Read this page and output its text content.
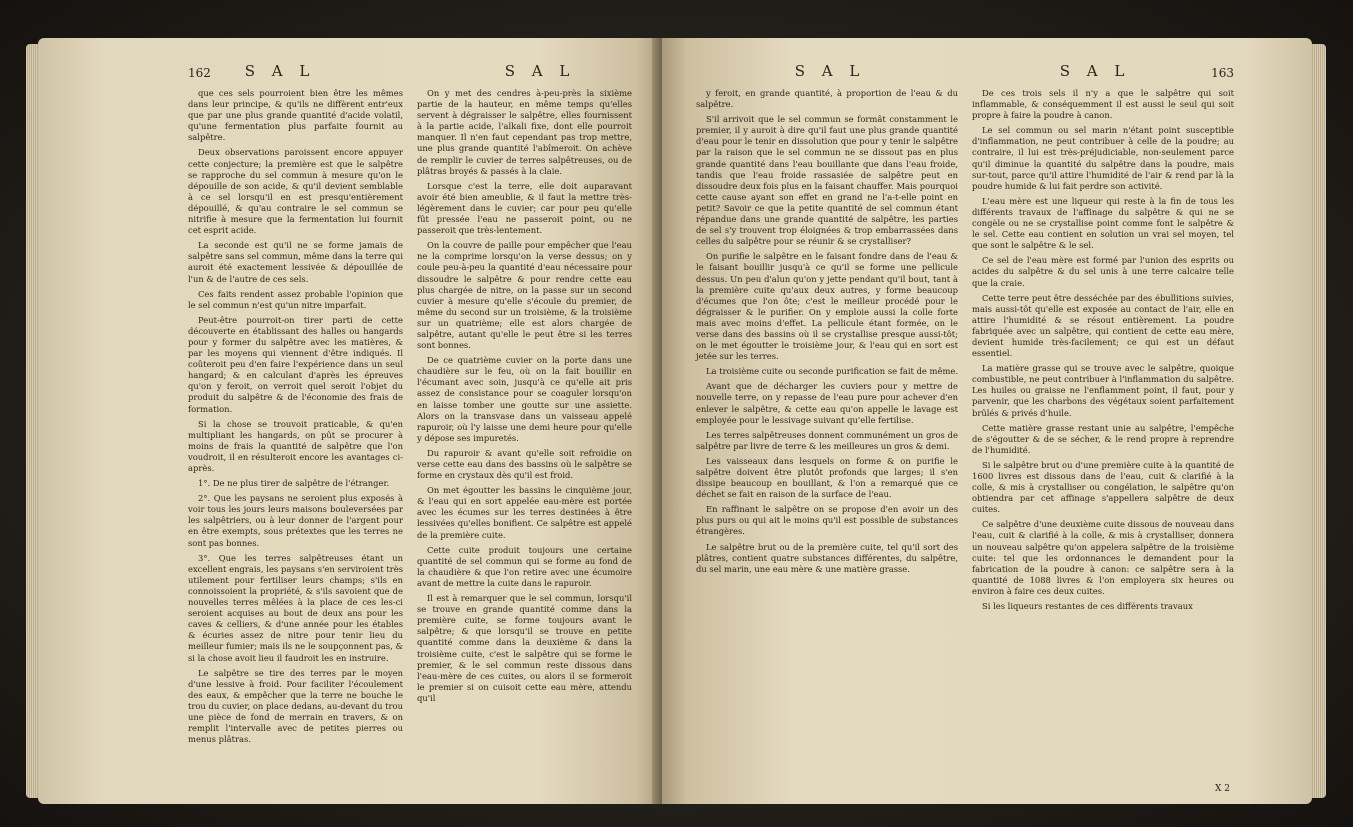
162	S A L	S A L

que ces sels pourroient bien être les mêmes dans leur principe, & qu'ils ne diffèrent entr'eux que par une plus grande quantité d'acide volatil, qu'une fermentation plus parfaite fournit au salpêtre.

Deux observations paroissent encore appuyer cette conjecture; la première est que le salpêtre se rapproche du sel commun à mesure qu'on le dépouille de son acide, & qu'il devient semblable à ce sel lorsqu'il en est presqu'entièrement dépouillé, & qu'au contraire le sel commun se nitrifie à mesure que la fermentation lui fournit cet esprit acide.

La seconde est qu'il ne se forme jamais de salpêtre sans sel commun, même dans la terre qui auroit été exactement lessivée & dépouillée de l'un & de l'autre de ces sels.

Ces faits rendent assez probable l'opinion que le sel commun n'est qu'un nitre imparfait.

Peut-être pourroit-on tirer parti de cette découverte en établissant des halles ou hangards pour y former du salpêtre avec les matières, & par les moyens qui viennent d'être indiqués. Il coûteroit peu d'en faire l'expérience dans un seul hangard; & en calculant d'après les épreuves qu'on y feroit, on verroit quel seroit l'objet du produit du salpêtre & de l'économie des frais de formation.

Si la chose se trouvoit praticable, & qu'en multipliant les hangards, on pût se procurer à moins de frais la quantité de salpêtre que l'on voudroit, il en résulteroit encore les avantages ci-après.

1°. De ne plus tirer de salpêtre de l'étranger.

2°. Que les paysans ne seroient plus exposés à voir tous les jours leurs maisons bouleversées par les salpêtriers, ou à leur donner de l'argent pour en être exempts, sous prétextes que les terres ne sont pas bonnes.

3°. Que les terres salpêtreuses étant un excellent engrais, les paysans s'en serviroient très utilement pour fertiliser leurs champs; s'ils en connoissoient la propriété, & s'ils savoient que de nouvelles terres mêlées à la place de ces les-ci seroient acquises au bout de deux ans pour les caves & celliers, & d'une année pour les étables & écuries assez de nitre pour tenir lieu du meilleur fumier; mais ils ne le soupçonnent pas, & si la chose avoit lieu il faudroit les en instruire.

Le salpêtre se tire des terres par le moyen d'une lessive à froid. Pour faciliter l'écoulement des eaux, & empêcher que la terre ne bouche le trou du cuvier, on place dedans, au-devant du trou une pièce de fond de merrain en travers, & on remplit l'intervalle avec de petites pierres ou menus plâtras.

On y met des cendres à-peu-près la sixième partie de la hauteur, en même temps qu'elles servent à dégraisser le salpêtre, elles fournissent à la partie acide, l'alkali fixe, dont elle pourroit manquer. Il n'en faut cependant pas trop mettre, une plus grande quantité l'abîmeroit. On achève de remplir le cuvier de terres salpêtreuses, ou de plâtras broyés & passés à la claie.

Lorsque c'est la terre, elle doit auparavant avoir été bien ameublie, & il faut la mettre très-légèrement dans le cuvier; car pour peu qu'elle fût pressée l'eau ne passeroit point, ou ne passeroit que très-lentement.

On la couvre de paille pour empêcher que l'eau ne la comprime lorsqu'on la verse dessus; on y coule peu-à-peu la quantité d'eau nécessaire pour dissoudre le salpêtre & pour rendre cette eau plus chargée de nitre, on la passe sur un second cuvier à mesure qu'elle s'écoule du premier, de même du second sur un troisième, & la troisième sur un quatrième; elle est alors chargée de salpêtre, autant qu'elle le peut être si les terres sont bonnes.

De ce quatrième cuvier on la porte dans une chaudière sur le feu, où on la fait bouillir en l'écumant avec soin, jusqu'à ce qu'elle ait pris assez de consistance pour se coaguler lorsqu'on en laisse tomber une goutte sur une assiette. Alors on la transvase dans un vaisseau appelé rapuroir, où l'y laisse une demi heure pour qu'elle y dépose ses impuretés.

Du rapuroir & avant qu'elle soit refroidie on verse cette eau dans des bassins où le salpêtre se forme en crystaux dès qu'il est froid.

On met égoutter les bassins le cinquième jour, & l'eau qui en sort appelée eau-mère est portée avec les écumes sur les terres destinées à être lessivées qu'elles bonifient. Ce salpêtre est appelé de la première cuite.

Cette cuite produit toujours une certaine quantité de sel commun qui se forme au fond de la chaudière & que l'on retire avec une écumoire avant de mettre la cuite dans le rapuroir.

Il est à remarquer que le sel commun, lorsqu'il se trouve en grande quantité comme dans la première cuite, se forme toujours avant le salpêtre; & que lorsqu'il se trouve en petite quantité comme dans la deuxième & dans la troisième cuite, c'est le salpêtre qui se forme le premier, & le sel commun reste dissous dans l'eau-mère de ces cuites, ou alors il se formeroit le premier si on cuisoit cette eau mère, attendu qu'il

S A L	S A L	163

y feroit, en grande quantité, à proportion de l'eau & du salpêtre.

S'il arrivoit que le sel commun se formât constamment le premier, il y auroit à dire qu'il faut une plus grande quantité d'eau pour le tenir en dissolution que pour y tenir le salpêtre par la raison que le sel commun ne se dissout pas en plus grande quantité dans l'eau bouillante que dans l'eau froide, tandis que l'eau froide rassasiée de salpêtre peut en dissoudre deux fois plus en la faisant chauffer. Mais pourquoi cette cause ayant son effet en grand ne l'a-t-elle point en petit? Savoir ce que la petite quantité de sel commun étant répandue dans une grande quantité de salpêtre, les parties de sel s'y trouvent trop éloignées & trop embarrassées dans celles du salpêtre pour se réunir & se crystalliser?

On purifie le salpêtre en le faisant fondre dans de l'eau & le faisant bouillir jusqu'à ce qu'il se forme une pellicule dessus. Un peu d'alun qu'on y jette pendant qu'il bout, tant à la première cuite qu'aux deux autres, y forme beaucoup d'écumes que l'on ôte; c'est le meilleur procédé pour le dégraisser & le purifier. On y emploie aussi la colle forte mais avec moins d'effet. La pellicule étant formée, on le verse dans des bassins où il se crystallise presque aussi-tôt; on le met égoutter le troisième jour, & l'eau qui en sort est jetée sur les terres.

La troisième cuite ou seconde purification se fait de même.

Avant que de décharger les cuviers pour y mettre de nouvelle terre, on y repasse de l'eau pure pour achever d'en enlever le salpêtre, & cette eau qu'on appelle le lavage est employée pour le lessivage suivant qu'elle fertilise.

Les terres salpêtreuses donnent communément un gros de salpêtre par livre de terre & les meilleures un gros & demi.

Les vaisseaux dans lesquels on forme & on purifie le salpêtre doivent être plutôt profonds que larges; il s'en dissipe beaucoup en bouillant, & l'on a remarqué que ce déchet se fait en raison de la surface de l'eau.

En raffinant le salpêtre on se propose d'en avoir un des plus purs ou qui ait le moins qu'il est possible de substances étrangères.

Le salpêtre brut ou de la première cuite, tel qu'il sort des plâtres, contient quatre substances différentes, du salpêtre, du sel marin, une eau mère & une matière grasse.

De ces trois sels il n'y a que le salpêtre qui soit inflammable, & conséquemment il est aussi le seul qui soit propre à faire la poudre à canon.

Le sel commun ou sel marin n'étant point susceptible d'inflammation, ne peut contribuer à celle de la poudre; au contraire, il lui est très-préjudiciable, non-seulement parce qu'il diminue la quantité du salpêtre dans la poudre, mais sur-tout, parce qu'il attire l'humidité de l'air & rend par là la poudre humide & lui fait perdre son activité.

L'eau mère est une liqueur qui reste à la fin de tous les différents travaux de l'affinage du salpêtre & qui ne se congèle ou ne se crystallise point comme font le salpêtre & le sel. Cette eau contient en solution un vrai sel moyen, tel que sont le salpêtre & le sel.

Ce sel de l'eau mère est formé par l'union des esprits ou acides du salpêtre & du sel unis à une terre calcaire telle que la craie.

Cette terre peut être desséchée par des ébullitions suivies, mais aussi-tôt qu'elle est exposée au contact de l'air, elle en attire l'humidité & se résout entièrement. La poudre fabriquée avec un salpêtre, qui contient de cette eau mère, devient humide très-facilement; ce qui est un défaut essentiel.

La matière grasse qui se trouve avec le salpêtre, quoique combustible, ne peut contribuer à l'inflammation du salpêtre. Les huiles ou graisse ne l'enflamment point, il faut, pour y parvenir, que les charbons des végétaux soient parfaitement brûlés & privés d'huile.

Cette matière grasse restant unie au salpêtre, l'empêche de s'égoutter & de se sécher, & le rend propre à reprendre de l'humidité.

Si le salpêtre brut ou d'une première cuite à la quantité de 1600 livres est dissous dans de l'eau, cuit & clarifié à la colle, & mis à crystalliser ou congélation, le salpêtre qu'on obtiendra par cet affinage s'appellera salpêtre de deux cuites.

Ce salpêtre d'une deuxième cuite dissous de nouveau dans l'eau, cuit & clarifié à la colle, & mis à crystalliser, donnera un nouveau salpêtre qu'on appelera salpêtre de la troisième cuite: tel que les ordonnances le demandent pour la fabrication de la poudre à canon: ce salpêtre sera à la quantité de 1088 livres & l'on employera six heures ou environ à faire ces deux cuites.

Si les liqueurs restantes de ces différents travaux

X 2
